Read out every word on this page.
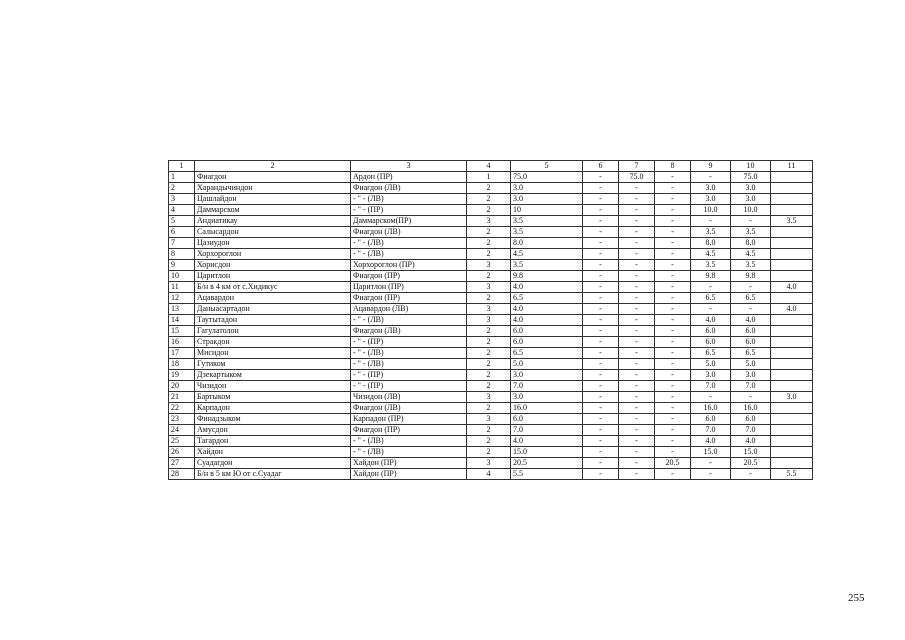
1	2	3	4	5	6	7	8	9	10	11
1	Фиагдон	Ардон (ПР)	1	75.0	-	75.0	-	-	75.0	
2	Харандычиндон	Фиагдон (ЛВ)	2	3.0	-	-	-	3.0	3.0	
3	Цашлайдон	- " - (ЛВ)	2	3.0	-	-	-	3.0	3.0	
4	Даммарском	- " - (ПР)	2	10	-	-	-	10.0	10.0	
5	Андиатикау	Даммарском(ПР)	3	3.5	-	-	-	-	-	3.5
6	Салысардон	Фиагдон (ЛВ)	2	3.5	-	-	-	3.5	3.5	
7	Цазиудон	- " - (ЛВ)	2	8.0	-	-	-	8.0	8.0	
8	Хорхороглон	- " - (ЛВ)	2	4.5	-	-	-	4.5	4.5	
9	Хорисдон	Хорхороглон (ПР)	3	3.5	-	-	-	3.5	3.5	
10	Царитлон	Фиагдон (ПР)	2	9.8	-	-	-	9.8	9.8	
11	Б/н в 4 км от с.Хидикус	Царитлон (ПР)	3	4.0	-	-	-	-	-	4.0
12	Ацавардон	Фиагдон (ПР)	2	6.5	-	-	-	6.5	6.5	
13	Даныасартадон	Ацавардон (ЛВ)	3	4.0	-	-	-	-	-	4.0
14	Таутытадон	- " - (ЛВ)	3	4.0	-	-	-	4.0	4.0	
15	Гагулатолон	Фиагдон (ЛВ)	2	6.0	-	-	-	6.0	6.0	
16	Стракдон	- " - (ПР)	2	6.0	-	-	-	6.0	6.0	
17	Мисидон	- " - (ЛВ)	2	6.5	-	-	-	6.5	6.5	
18	Гутиком	- " - (ЛВ)	2	5.0	-	-	-	5.0	5.0	
19	Дзекартыком	- " - (ПР)	2	3.0	-	-	-	3.0	3.0	
20	Чизидон	- " - (ПР)	2	7.0	-	-	-	7.0	7.0	
21	Бартыком	Чизидон (ЛВ)	3	3.0	-	-	-	-	-	3.0
22	Карпадон	Фиагдон (ЛВ)	2	16.0	-	-	-	16.0	16.0	
23	Финадзыком	Карпадон (ПР)	3	6.0	-	-	-	6.0	6.0	
24	Амусдон	Фиагдон (ПР)	2	7.0	-	-	-	7.0	7.0	
25	Тагардон	- " - (ЛВ)	2	4.0	-	-	-	4.0	4.0	
26	Хайдон	- " - (ЛВ)	2	15.0	-	-	-	15.0	15.0	
27	Суадагдон	Хайдон (ПР)	3	20.5	-	-	20.5	-	20.5	
28	Б/н в 5 км Ю от с.Суадаг	Хайдон (ПР)	4	5.5	-	-	-	-	-	5.5
255
